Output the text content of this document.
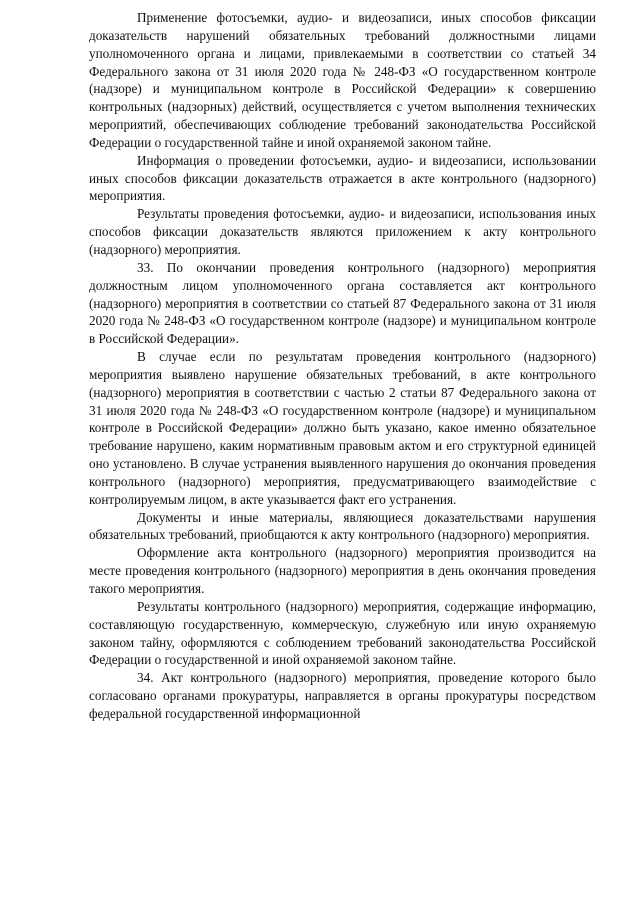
Применение фотосъемки, аудио- и видеозаписи, иных способов фиксации доказательств нарушений обязательных требований должностными лицами уполномоченного органа и лицами, привлекаемыми в соответствии со статьей 34 Федерального закона от 31 июля 2020 года № 248-ФЗ «О государственном контроле (надзоре) и муниципальном контроле в Российской Федерации» к совершению контрольных (надзорных) действий, осуществляется с учетом выполнения технических мероприятий, обеспечивающих соблюдение требований законодательства Российской Федерации о государственной тайне и иной охраняемой законом тайне.

Информация о проведении фотосъемки, аудио- и видеозаписи, использовании иных способов фиксации доказательств отражается в акте контрольного (надзорного) мероприятия.

Результаты проведения фотосъемки, аудио- и видеозаписи, использования иных способов фиксации доказательств являются приложением к акту контрольного (надзорного) мероприятия.

33. По окончании проведения контрольного (надзорного) мероприятия должностным лицом уполномоченного органа составляется акт контрольного (надзорного) мероприятия в соответствии со статьей 87 Федерального закона от 31 июля 2020 года № 248-ФЗ «О государственном контроле (надзоре) и муниципальном контроле в Российской Федерации».

В случае если по результатам проведения контрольного (надзорного) мероприятия выявлено нарушение обязательных требований, в акте контрольного (надзорного) мероприятия в соответствии с частью 2 статьи 87 Федерального закона от 31 июля 2020 года № 248-ФЗ «О государственном контроле (надзоре) и муниципальном контроле в Российской Федерации» должно быть указано, какое именно обязательное требование нарушено, каким нормативным правовым актом и его структурной единицей оно установлено. В случае устранения выявленного нарушения до окончания проведения контрольного (надзорного) мероприятия, предусматривающего взаимодействие с контролируемым лицом, в акте указывается факт его устранения.

Документы и иные материалы, являющиеся доказательствами нарушения обязательных требований, приобщаются к акту контрольного (надзорного) мероприятия.

Оформление акта контрольного (надзорного) мероприятия производится на месте проведения контрольного (надзорного) мероприятия в день окончания проведения такого мероприятия.

Результаты контрольного (надзорного) мероприятия, содержащие информацию, составляющую государственную, коммерческую, служебную или иную охраняемую законом тайну, оформляются с соблюдением требований законодательства Российской Федерации о государственной и иной охраняемой законом тайне.

34. Акт контрольного (надзорного) мероприятия, проведение которого было согласовано органами прокуратуры, направляется в органы прокуратуры посредством федеральной государственной информационной
